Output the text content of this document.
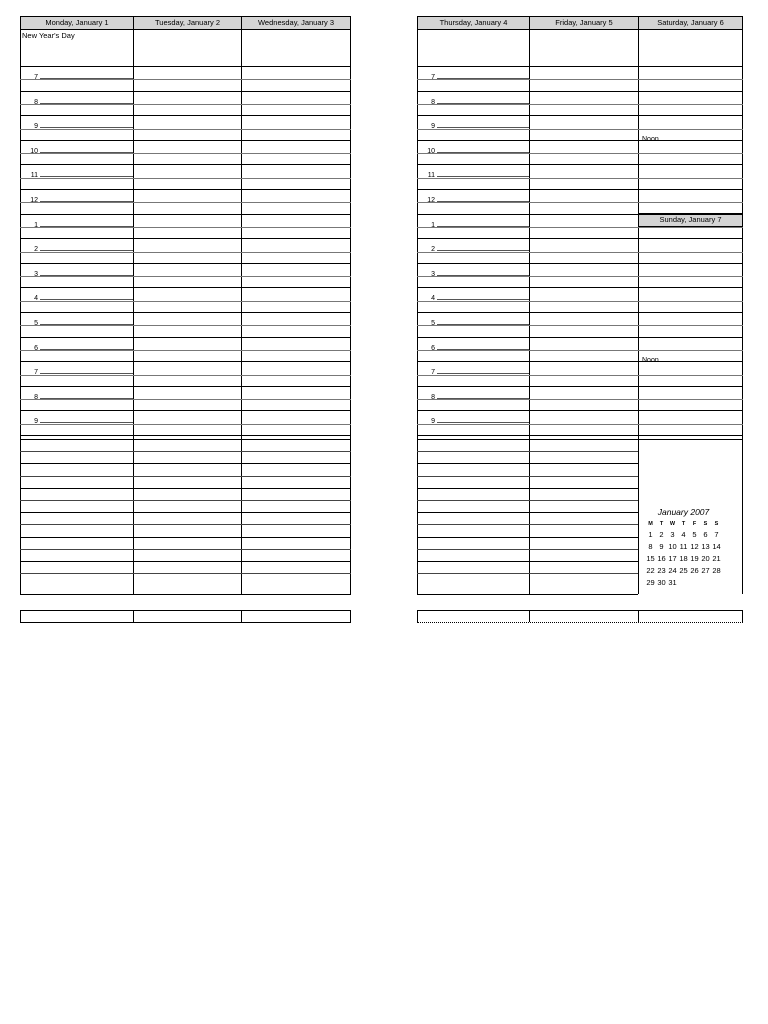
Monday, January 1	Tuesday, January 2	Wednesday, January 3
New Year's Day
7
8
9
10
11
12
1
2
3
4
5
6
7
8
9
Thursday, January 4	Friday, January 5	Saturday, January 6
Noon
Sunday, January 7
Noon
January 2007
M	T	W	T	F	S	S
1	2	3	4	5	6	7
8	9	10	11	12	13	14
15	16	17	18	19	20	21
22	23	24	25	26	27	28
29	30	31				
7
8
9
10
11
12
1
2
3
4
5
6
7
8
9
